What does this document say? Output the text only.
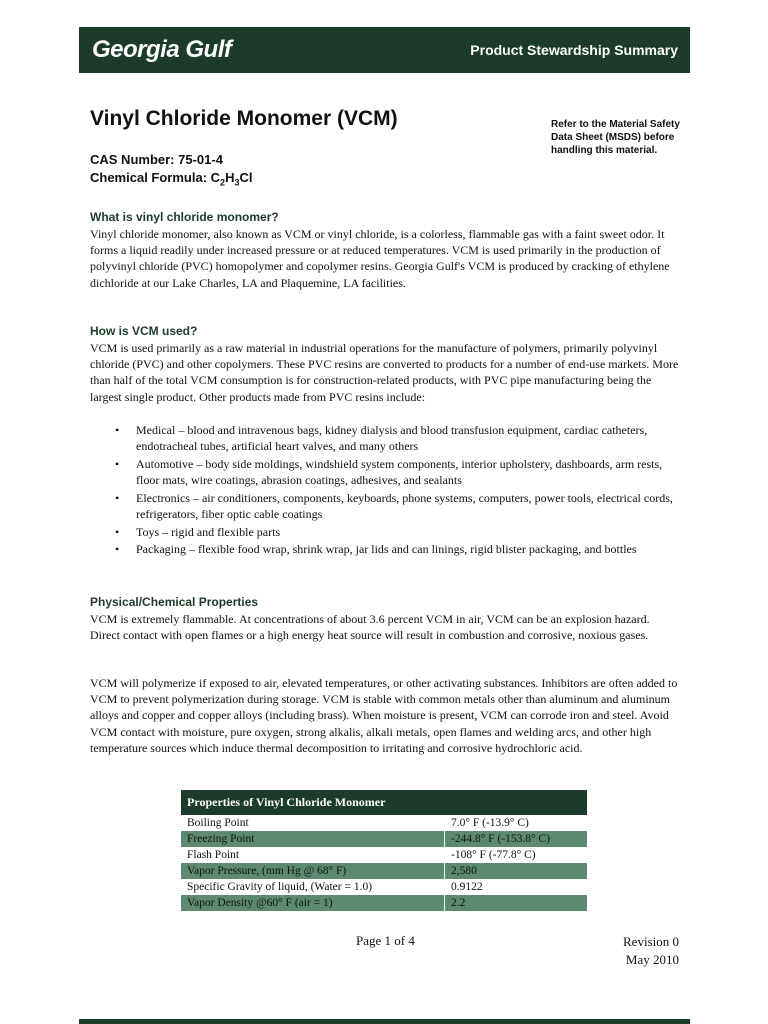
Georgia Gulf	Product Stewardship Summary
Vinyl Chloride Monomer (VCM)
CAS Number: 75-01-4
Chemical Formula: $C_2H_3Cl$
Refer to the Material Safety Data Sheet (MSDS) before handling this material.
What is vinyl chloride monomer?

Vinyl chloride monomer, also known as VCM or vinyl chloride, is a colorless, flammable gas with a faint sweet odor. It forms a liquid readily under increased pressure or at reduced temperatures. VCM is used primarily in the production of polyvinyl chloride (PVC) homopolymer and copolymer resins. Georgia Gulf's VCM is produced by cracking of ethylene dichloride at our Lake Charles, LA and Plaquemine, LA facilities.

How is VCM used?

VCM is used primarily as a raw material in industrial operations for the manufacture of polymers, primarily polyvinyl chloride (PVC) and other copolymers. These PVC resins are converted to products for a number of end-use markets. More than half of the total VCM consumption is for construction-related products, with PVC pipe manufacturing being the largest single product. Other products made from PVC resins include:

• Medical – blood and intravenous bags, kidney dialysis and blood transfusion equipment, cardiac catheters, endotracheal tubes, artificial heart valves, and many others
• Automotive – body side moldings, windshield system components, interior upholstery, dashboards, arm rests, floor mats, wire coatings, abrasion coatings, adhesives, and sealants
• Electronics – air conditioners, components, keyboards, phone systems, computers, power tools, electrical cords, refrigerators, fiber optic cable coatings
• Toys – rigid and flexible parts
• Packaging – flexible food wrap, shrink wrap, jar lids and can linings, rigid blister packaging, and bottles
Physical/Chemical Properties

VCM is extremely flammable. At concentrations of about 3.6 percent VCM in air, VCM can be an explosion hazard. Direct contact with open flames or a high energy heat source will result in combustion and corrosive, noxious gases.

VCM will polymerize if exposed to air, elevated temperatures, or other activating substances. Inhibitors are often added to VCM to prevent polymerization during storage. VCM is stable with common metals other than aluminum and aluminum alloys and copper and copper alloys (including brass). When moisture is present, VCM can corrode iron and steel. Avoid VCM contact with moisture, pure oxygen, strong alkalis, alkali metals, open flames and welding arcs, and other high temperature sources which induce thermal decomposition to irritating and corrosive hydrochloric acid.

Properties of Vinyl Chloride Monomer	
Boiling Point	7.0° F (-13.9° C)
Freezing Point	-244.8° F (-153.8° C)
Flash Point	-108° F (-77.8° C)
Vapor Pressure, (mm Hg @ 68° F)	2,580
Specific Gravity of liquid, (Water = 1.0)	0.9122
Vapor Density @60° F (air = 1)	2.2
Page 1 of 4	Revision 0
May 2010
